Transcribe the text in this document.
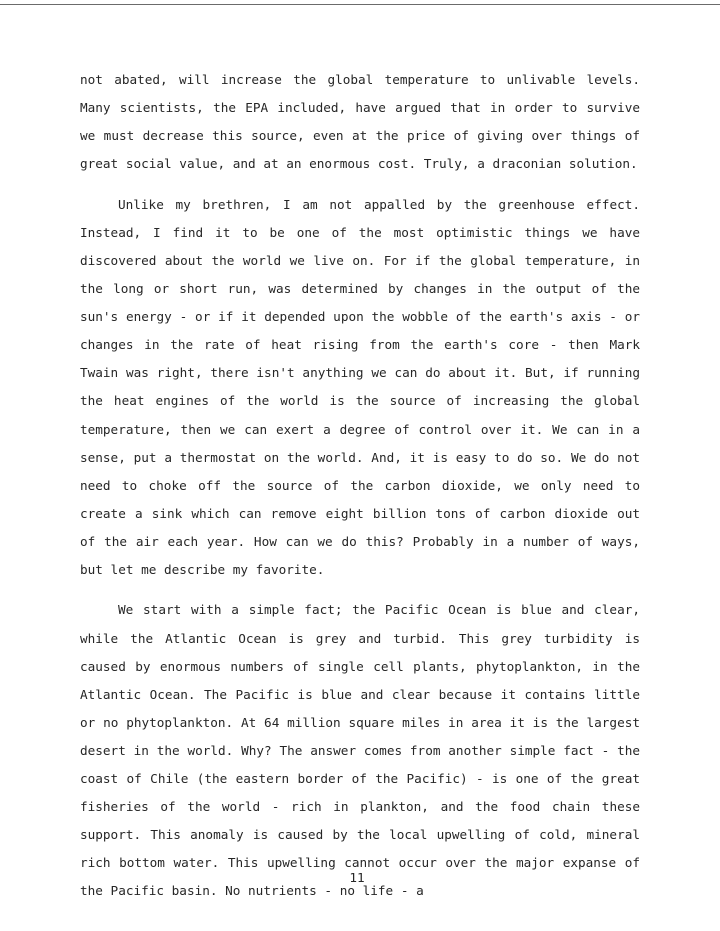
not abated, will increase the global temperature to unlivable levels. Many scientists, the EPA included, have argued that in order to survive we must decrease this source, even at the price of giving over things of great social value, and at an enormous cost. Truly, a draconian solution.

Unlike my brethren, I am not appalled by the greenhouse effect. Instead, I find it to be one of the most optimistic things we have discovered about the world we live on. For if the global temperature, in the long or short run, was determined by changes in the output of the sun's energy - or if it depended upon the wobble of the earth's axis - or changes in the rate of heat rising from the earth's core - then Mark Twain was right, there isn't anything we can do about it. But, if running the heat engines of the world is the source of increasing the global temperature, then we can exert a degree of control over it. We can in a sense, put a thermostat on the world. And, it is easy to do so. We do not need to choke off the source of the carbon dioxide, we only need to create a sink which can remove eight billion tons of carbon dioxide out of the air each year. How can we do this? Probably in a number of ways, but let me describe my favorite.

We start with a simple fact; the Pacific Ocean is blue and clear, while the Atlantic Ocean is grey and turbid. This grey turbidity is caused by enormous numbers of single cell plants, phytoplankton, in the Atlantic Ocean. The Pacific is blue and clear because it contains little or no phytoplankton. At 64 million square miles in area it is the largest desert in the world. Why? The answer comes from another simple fact - the coast of Chile (the eastern border of the Pacific) - is one of the great fisheries of the world - rich in plankton, and the food chain these support. This anomaly is caused by the local upwelling of cold, mineral rich bottom water. This upwelling cannot occur over the major expanse of the Pacific basin. No nutrients - no life - a

11
